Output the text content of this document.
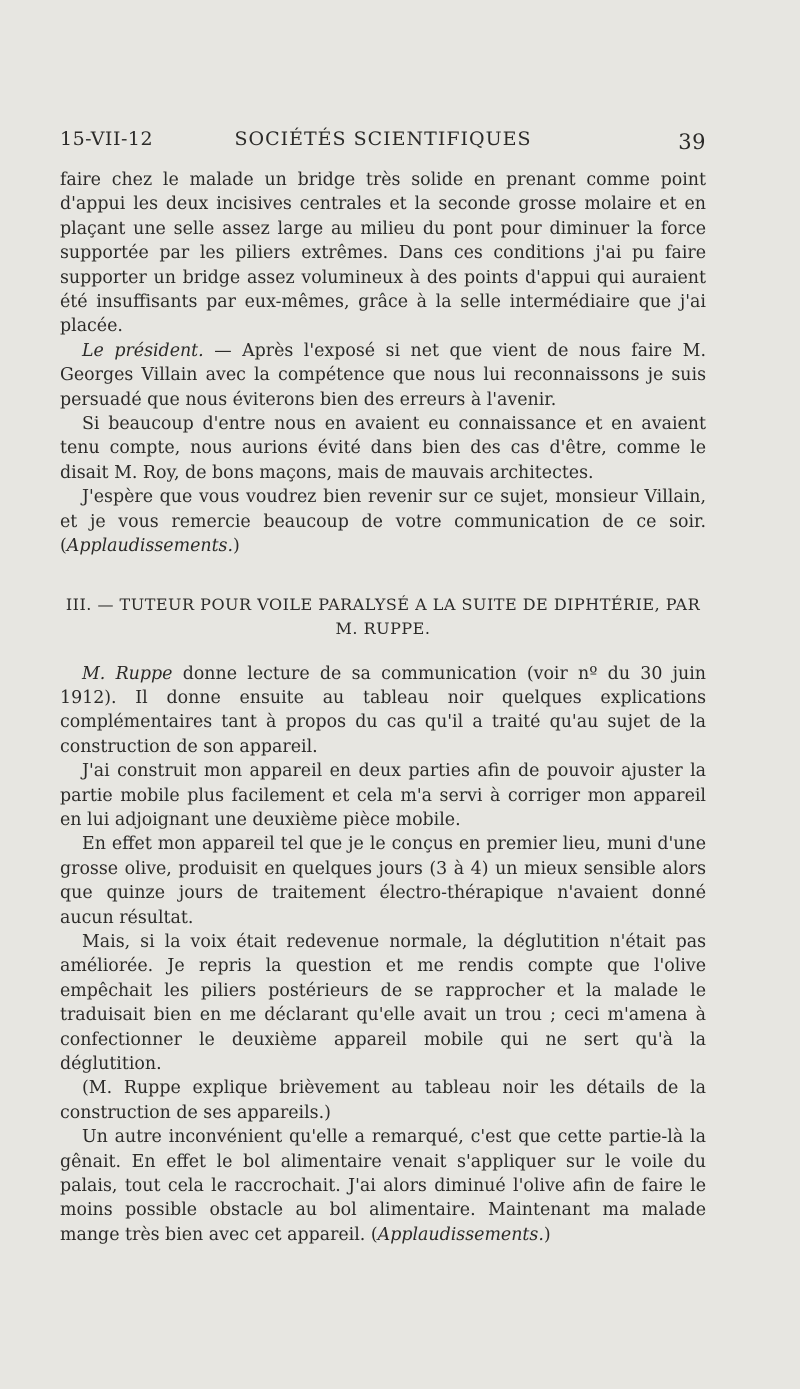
15-VII-12	SOCIÉTÉS SCIENTIFIQUES	39

faire chez le malade un bridge très solide en prenant comme point d'appui les deux incisives centrales et la seconde grosse molaire et en plaçant une selle assez large au milieu du pont pour diminuer la force supportée par les piliers extrêmes. Dans ces conditions j'ai pu faire supporter un bridge assez volumineux à des points d'appui qui auraient été insuffisants par eux-mêmes, grâce à la selle intermédiaire que j'ai placée.

Le président. — Après l'exposé si net que vient de nous faire M. Georges Villain avec la compétence que nous lui reconnaissons je suis persuadé que nous éviterons bien des erreurs à l'avenir.

Si beaucoup d'entre nous en avaient eu connaissance et en avaient tenu compte, nous aurions évité dans bien des cas d'être, comme le disait M. Roy, de bons maçons, mais de mauvais architectes.

J'espère que vous voudrez bien revenir sur ce sujet, monsieur Villain, et je vous remercie beaucoup de votre communication de ce soir. (Applaudissements.)

III. — TUTEUR POUR VOILE PARALYSÉ A LA SUITE DE DIPHTÉRIE, PAR M. RUPPE.

M. Ruppe donne lecture de sa communication (voir nº du 30 juin 1912). Il donne ensuite au tableau noir quelques explications complémentaires tant à propos du cas qu'il a traité qu'au sujet de la construction de son appareil.

J'ai construit mon appareil en deux parties afin de pouvoir ajuster la partie mobile plus facilement et cela m'a servi à corriger mon appareil en lui adjoignant une deuxième pièce mobile.

En effet mon appareil tel que je le conçus en premier lieu, muni d'une grosse olive, produisit en quelques jours (3 à 4) un mieux sensible alors que quinze jours de traitement électro-thérapique n'avaient donné aucun résultat.

Mais, si la voix était redevenue normale, la déglutition n'était pas améliorée. Je repris la question et me rendis compte que l'olive empêchait les piliers postérieurs de se rapprocher et la malade le traduisait bien en me déclarant qu'elle avait un trou ; ceci m'amena à confectionner le deuxième appareil mobile qui ne sert qu'à la déglutition.

(M. Ruppe explique brièvement au tableau noir les détails de la construction de ses appareils.)

Un autre inconvénient qu'elle a remarqué, c'est que cette partie-là la gênait. En effet le bol alimentaire venait s'appliquer sur le voile du palais, tout cela le raccrochait. J'ai alors diminué l'olive afin de faire le moins possible obstacle au bol alimentaire. Maintenant ma malade mange très bien avec cet appareil. (Applaudissements.)
